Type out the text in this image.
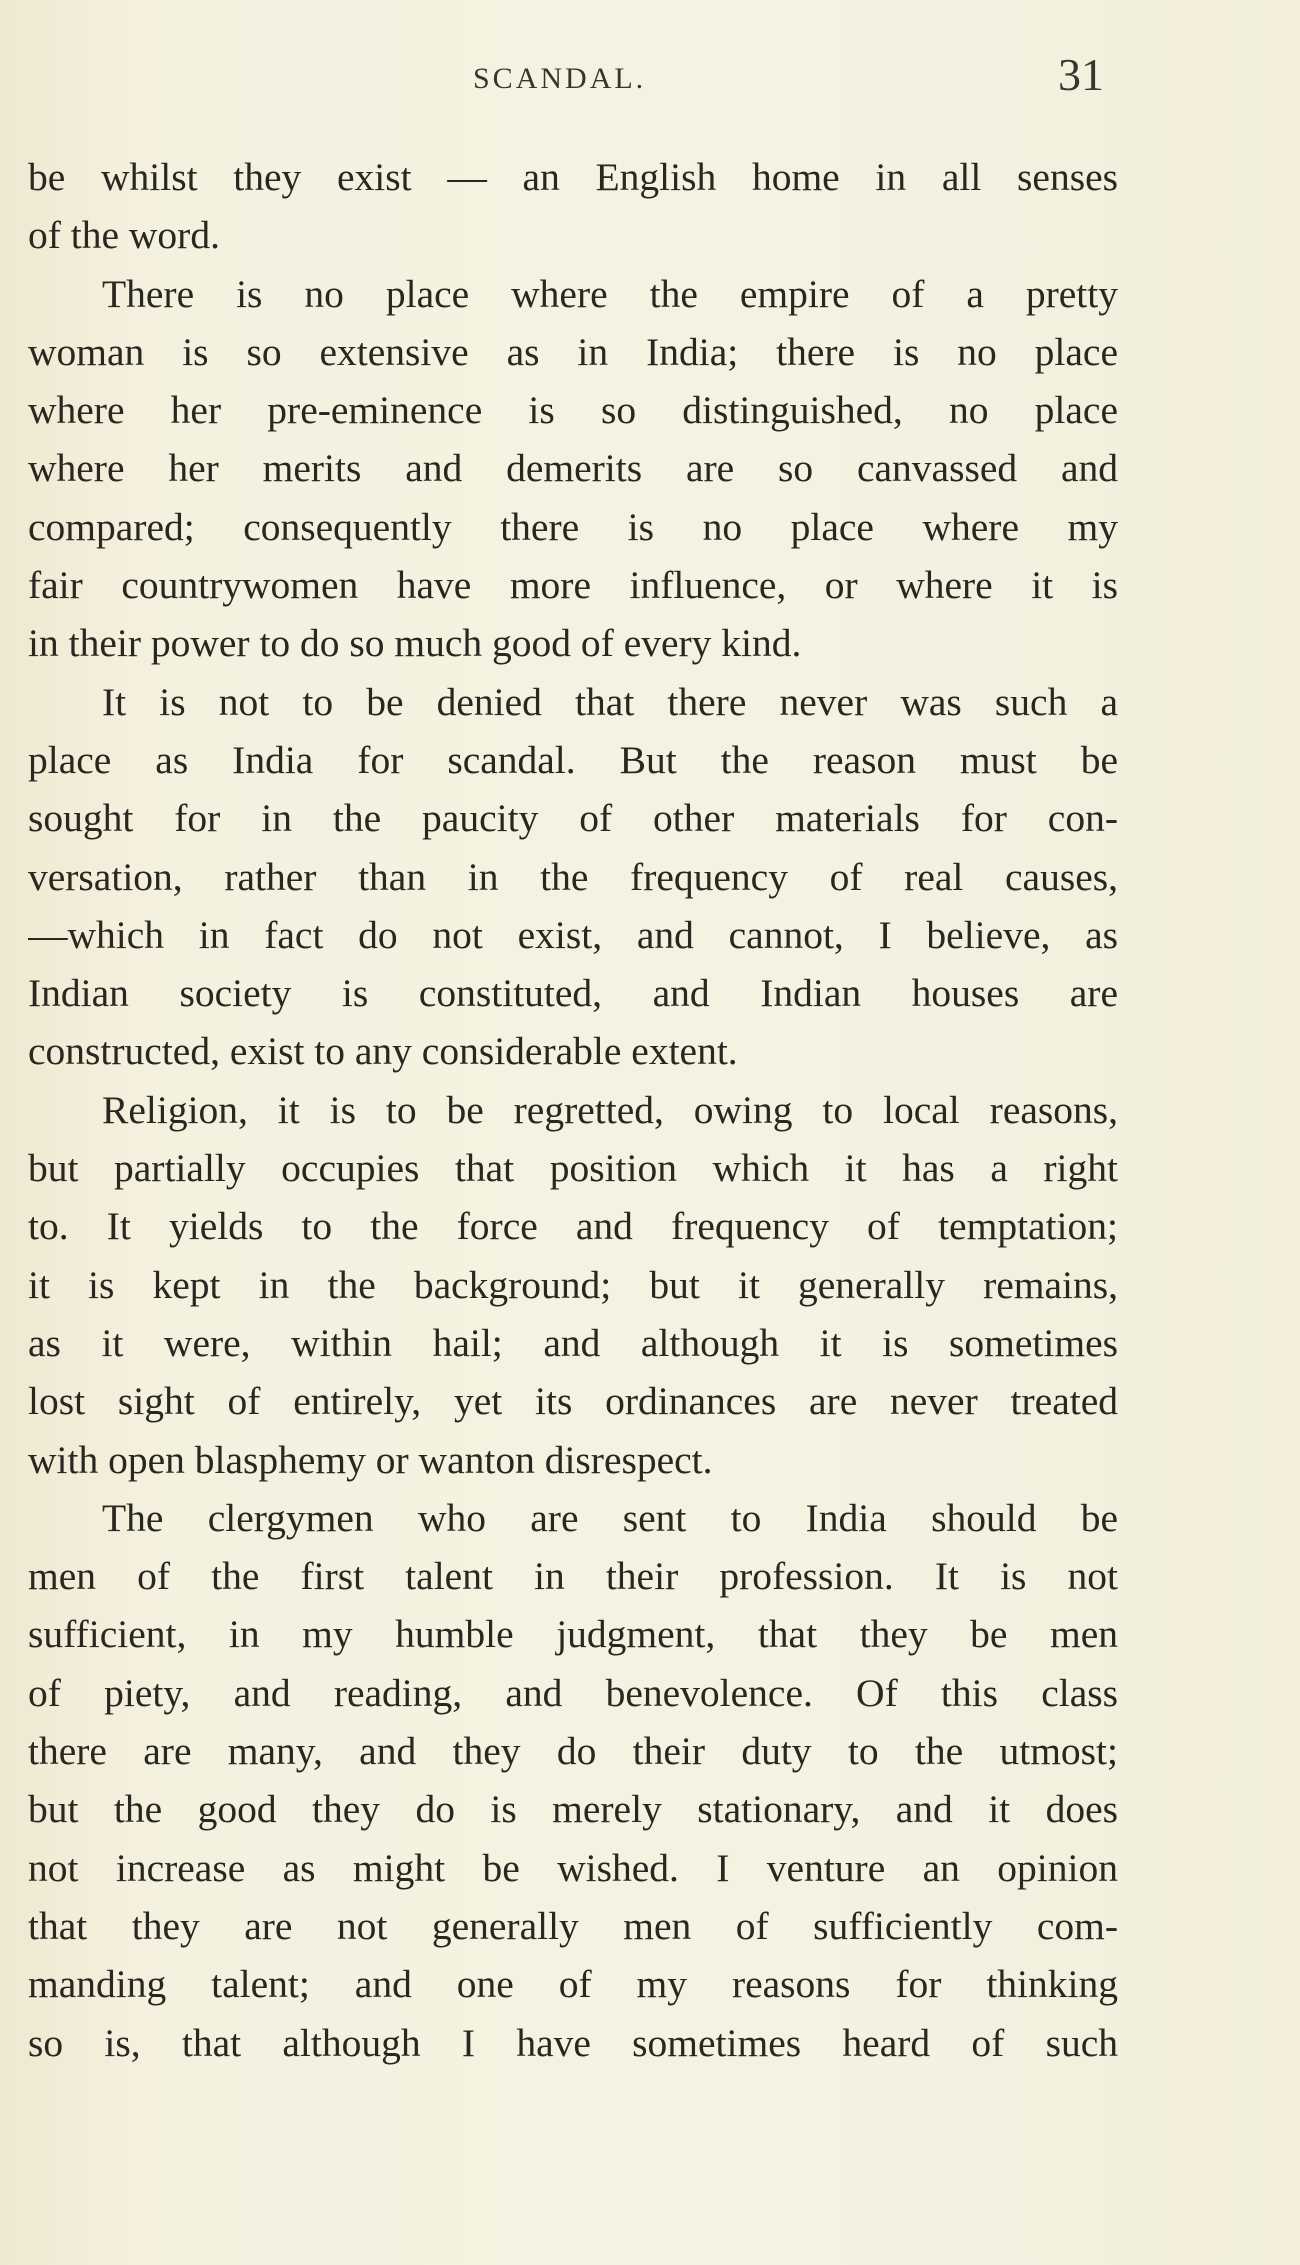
SCANDAL.	31
be whilst they exist — an English home in all senses
of the word.
There is no place where the empire of a pretty
woman is so extensive as in India; there is no place
where her pre-eminence is so distinguished, no place
where her merits and demerits are so canvassed and
compared; consequently there is no place where my
fair countrywomen have more influence, or where it is
in their power to do so much good of every kind.
It is not to be denied that there never was such a
place as India for scandal. But the reason must be
sought for in the paucity of other materials for con-
versation, rather than in the frequency of real causes,
—which in fact do not exist, and cannot, I believe, as
Indian society is constituted, and Indian houses are
constructed, exist to any considerable extent.
Religion, it is to be regretted, owing to local reasons,
but partially occupies that position which it has a right
to. It yields to the force and frequency of temptation;
it is kept in the background; but it generally remains,
as it were, within hail; and although it is sometimes
lost sight of entirely, yet its ordinances are never treated
with open blasphemy or wanton disrespect.
The clergymen who are sent to India should be
men of the first talent in their profession. It is not
sufficient, in my humble judgment, that they be men
of piety, and reading, and benevolence. Of this class
there are many, and they do their duty to the utmost;
but the good they do is merely stationary, and it does
not increase as might be wished. I venture an opinion
that they are not generally men of sufficiently com-
manding talent; and one of my reasons for thinking
so is, that although I have sometimes heard of such
